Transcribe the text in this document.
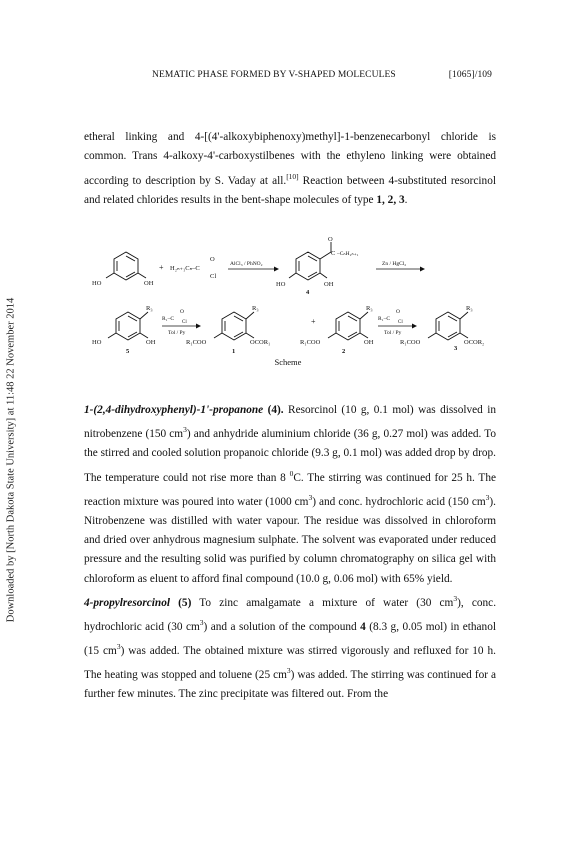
Downloaded by [North Dakota State University] at 11:48 22 November 2014
NEMATIC PHASE FORMED BY V-SHAPED MOLECULES	[1065]/109

etheral linking and 4-[(4'-alkoxybiphenoxy)methyl]-1-benzenecarbonyl chloride is common. Trans 4-alkoxy-4'-carboxystilbenes with the ethyleno linking were obtained according to description by S. Vaday at all.[10] Reaction between 4-substituted resorcinol and related chlorides results in the bent-shape molecules of type 1, 2, 3.

HO	OH
+ H₂ₙ₊₁Cₙ–C
O
Cl
AlCl₃ / PhNO₂
O
C –CₙH₂ₙ₊₁
HO	OH
4
Zn / HgCl₂
R₃
HO	OH
5
R₁–C
O
Cl
Tol / Py
R₃
R₁COO	OCOR₁
1
+
R₃
R₁COO	OH
2
R₁–C
O
Cl
Tol / Py
R₃
R₁COO	OCOR₂
3
Scheme

1-(2,4-dihydroxyphenyl)-1'-propanone (4). Resorcinol (10 g, 0.1 mol) was dissolved in nitrobenzene (150 $cm^3$) and anhydride aluminium chloride (36 g, 0.27 mol) was added. To the stirred and cooled solution propanoic chloride (9.3 g, 0.1 mol) was added drop by drop. The temperature could not rise more than 8 $^0$C. The stirring was continued for 25 h. The reaction mixture was poured into water (1000 $cm^3$) and conc. hydrochloric acid (150 $cm^3$). Nitrobenzene was distilled with water vapour. The residue was dissolved in chloroform and dried over anhydrous magnesium sulphate. The solvent was evaporated under reduced pressure and the resulting solid was purified by column chromatography on silica gel with chloroform as eluent to afford final compound (10.0 g, 0.06 mol) with 65% yield.

4-propylresorcinol (5) To zinc amalgamate a mixture of water (30 $cm^3$), conc. hydrochloric acid (30 $cm^3$) and a solution of the compound 4 (8.3 g, 0.05 mol) in ethanol (15 $cm^3$) was added. The obtained mixture was stirred vigorously and refluxed for 10 h. The heating was stopped and toluene (25 $cm^3$) was added. The stirring was continued for a further few minutes. The zinc precipitate was filtered out. From the
